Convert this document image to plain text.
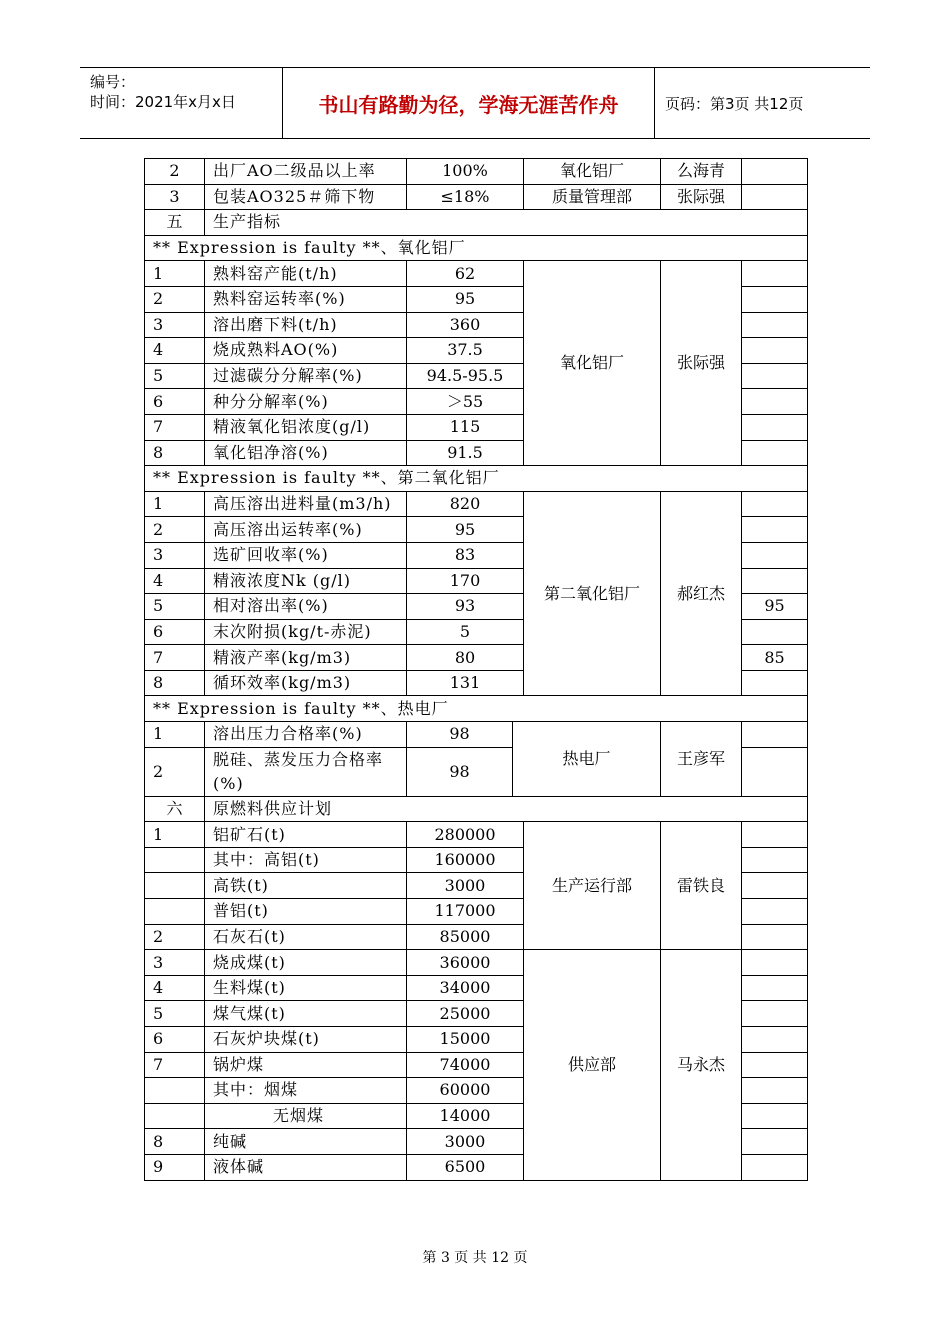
编号：
时间：2021年x月x日	书山有路勤为径，学海无涯苦作舟	页码：第3页 共12页
2	出厂AO二级品以上率	100%		氧化铝厂	么海青	
3	包装AO325＃筛下物	≤18%		质量管理部	张际强	
五	生产指标					
** Expression is faulty **、氧化铝厂						
1	熟料窑产能(t/h)	62		氧化铝厂	张际强	
2	熟料窑运转率(%)	95				
3	溶出磨下料(t/h)	360				
4	烧成熟料AO(%)	37.5				
5	过滤碳分分解率(%)	94.5-95.5				
6	种分分解率(%)	＞55				
7	精液氧化铝浓度(g/l)	115				
8	氧化铝净溶(%)	91.5				
** Expression is faulty **、第二氧化铝厂						
1	高压溶出进料量(m3/h)	820		第二氧化铝厂	郝红杰	
2	高压溶出运转率(%)	95				
3	选矿回收率(%)	83				
4	精液浓度Nk (g/l)	170				
5	相对溶出率(%)	93				95
6	末次附损(kg/t-赤泥)	5				
7	精液产率(kg/m3)	80				85
8	循环效率(kg/m3)	131				
** Expression is faulty **、热电厂						
1	溶出压力合格率(%)	98	热电厂		王彦军	
2	脱硅、蒸发压力合格率(%)	98				
六	原燃料供应计划					
1	铝矿石(t)	280000		生产运行部	雷铁良	
	其中：高铝(t)	160000				
	高铁(t)	3000				
	普铝(t)	117000				
2	石灰石(t)	85000				
3	烧成煤(t)	36000		供应部	马永杰	
4	生料煤(t)	34000				
5	煤气煤(t)	25000				
6	石灰炉块煤(t)	15000				
7	锅炉煤	74000				
	其中：烟煤	60000				
	无烟煤	14000				
8	纯碱	3000				
9	液体碱	6500				
第 3 页 共 12 页
